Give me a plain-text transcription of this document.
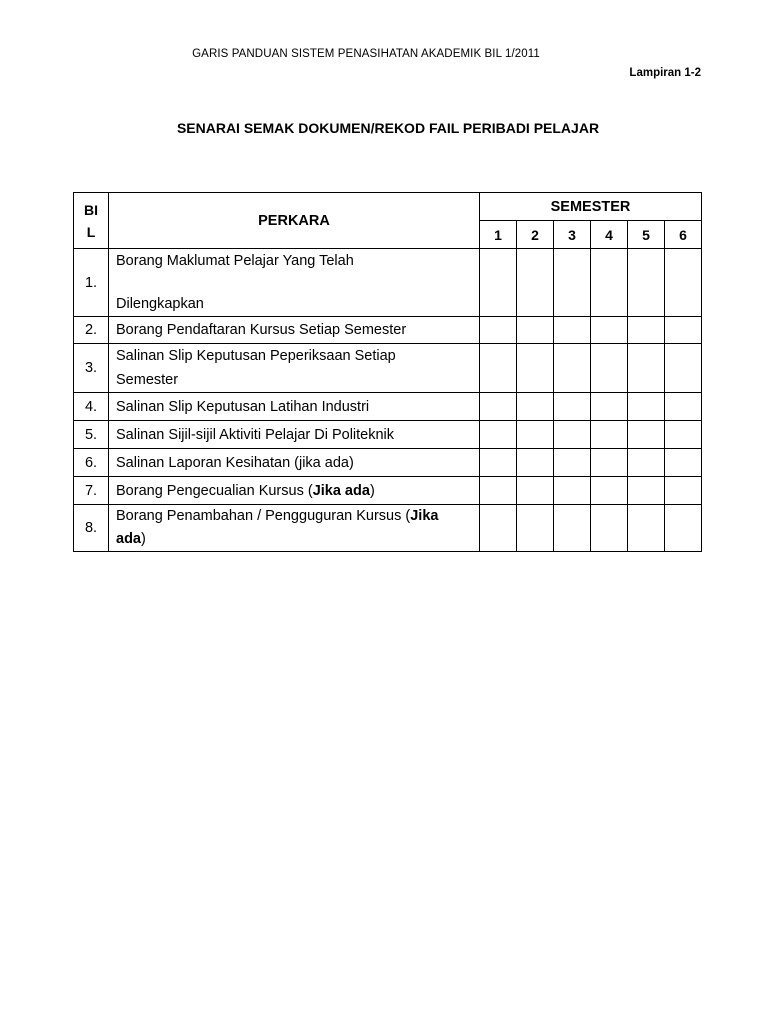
GARIS PANDUAN SISTEM PENASIHATAN AKADEMIK BIL 1/2011
Lampiran 1-2
SENARAI SEMAK DOKUMEN/REKOD FAIL PERIBADI PELAJAR
BI
L	PERKARA	SEMESTER					
		1	2	3	4	5	6
1.	Borang Maklumat Pelajar Yang Telah
Dilengkapkan						
2.	Borang Pendaftaran Kursus Setiap Semester						
3.	Salinan Slip Keputusan Peperiksaan Setiap
Semester						
4.	Salinan Slip Keputusan Latihan Industri						
5.	Salinan Sijil-sijil Aktiviti Pelajar Di Politeknik						
6.	Salinan Laporan Kesihatan (jika ada)						
7.	Borang Pengecualian Kursus (Jika ada)						
8.	Borang Penambahan / Pengguguran Kursus (Jika
ada)						
